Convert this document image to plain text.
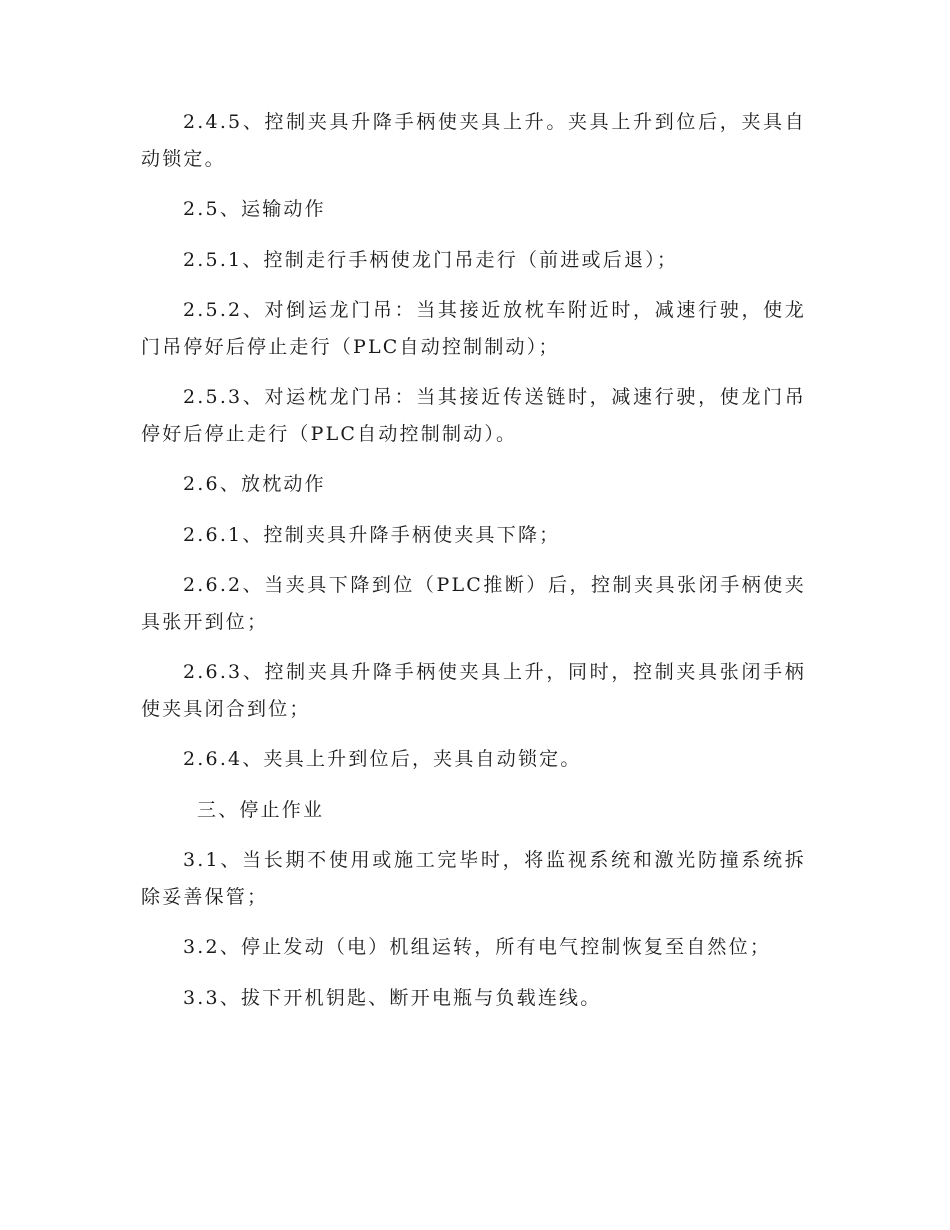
2.4.5、控制夹具升降手柄使夹具上升。夹具上升到位后，夹具自动锁定。

2.5、运输动作

2.5.1、控制走行手柄使龙门吊走行（前进或后退）；

2.5.2、对倒运龙门吊：当其接近放枕车附近时，减速行驶，使龙门吊停好后停止走行（PLC自动控制制动）；

2.5.3、对运枕龙门吊：当其接近传送链时，减速行驶，使龙门吊停好后停止走行（PLC自动控制制动）。

2.6、放枕动作

2.6.1、控制夹具升降手柄使夹具下降；

2.6.2、当夹具下降到位（PLC推断）后，控制夹具张闭手柄使夹具张开到位；

2.6.3、控制夹具升降手柄使夹具上升，同时，控制夹具张闭手柄使夹具闭合到位；

2.6.4、夹具上升到位后，夹具自动锁定。

三、停止作业

3.1、当长期不使用或施工完毕时，将监视系统和激光防撞系统拆除妥善保管；

3.2、停止发动（电）机组运转，所有电气控制恢复至自然位；

3.3、拔下开机钥匙、断开电瓶与负载连线。
